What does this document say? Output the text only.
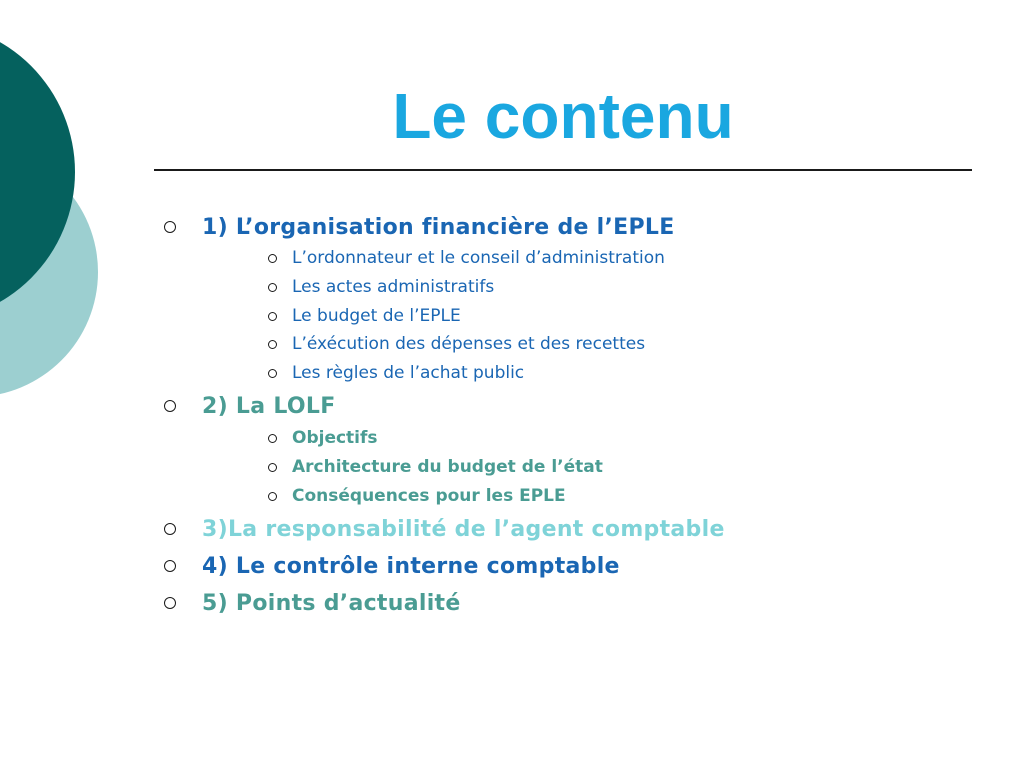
Le contenu
1) L’organisation financière de l’EPLE
L’ordonnateur et le conseil d’administration
Les actes administratifs
Le budget de l’EPLE
L’éxécution des dépenses et des recettes
Les règles de l’achat public
2) La LOLF
Objectifs
Architecture du budget de l’état
Conséquences pour les EPLE
3)La responsabilité de l’agent comptable
4) Le contrôle interne comptable
5) Points d’actualité
